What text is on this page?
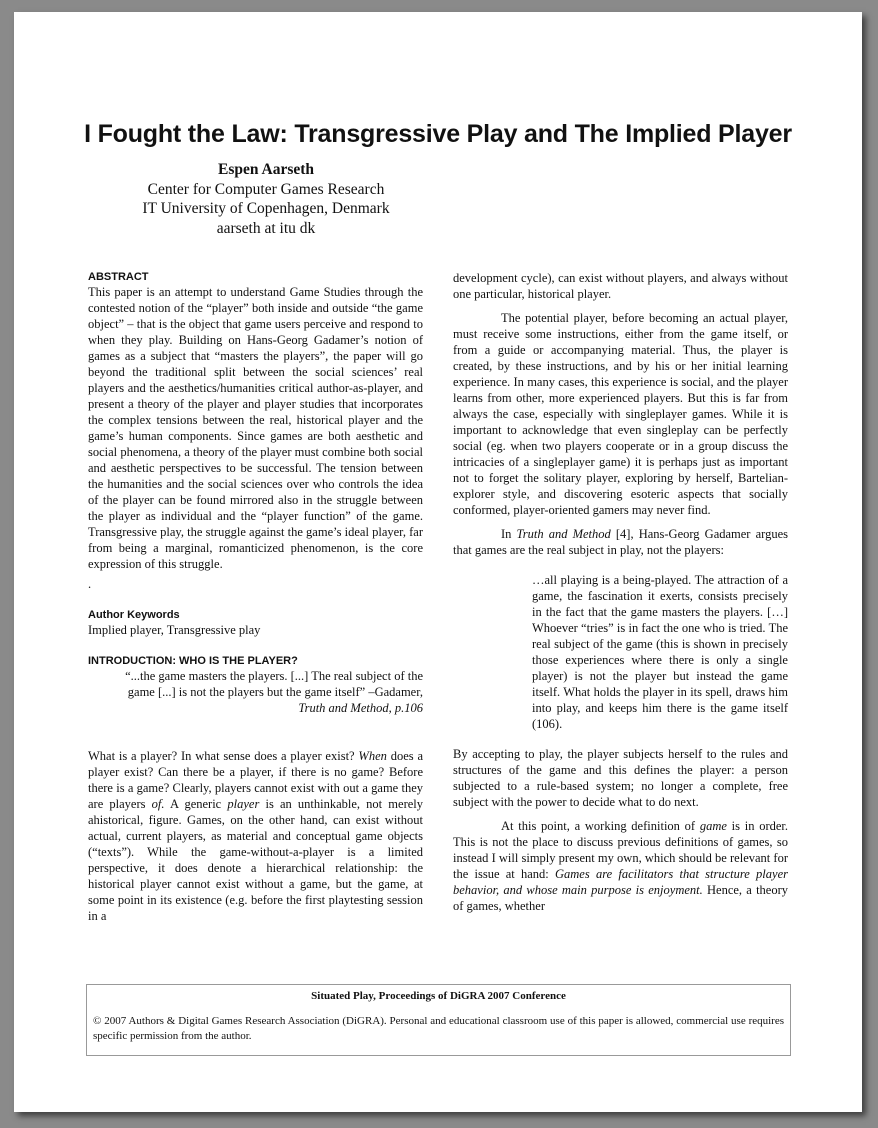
I Fought the Law: Transgressive Play and The Implied Player
Espen Aarseth
Center for Computer Games Research
IT University of Copenhagen, Denmark
aarseth at itu dk
ABSTRACT

This paper is an attempt to understand Game Studies through the contested notion of the “player” both inside and outside “the game object” – that is the object that game users perceive and respond to when they play. Building on Hans-Georg Gadamer’s notion of games as a subject that “masters the players”, the paper will go beyond the traditional split between the social sciences’ real players and the aesthetics/humanities critical author-as-player, and present a theory of the player and player studies that incorporates the complex tensions between the real, historical player and the game’s human components. Since games are both aesthetic and social phenomena, a theory of the player must combine both social and aesthetic perspectives to be successful. The tension between the humanities and the social sciences over who controls the idea of the player can be found mirrored also in the struggle between the player as individual and the “player function” of the game. Transgressive play, the struggle against the game’s ideal player, far from being a marginal, romanticized phenomenon, is the core expression of this struggle.

.

Author Keywords

Implied player, Transgressive play

INTRODUCTION: WHO IS THE PLAYER?

“...the game masters the players. [...] The real subject of the game [...] is not the players but the game itself” –Gadamer,

Truth and Method, p.106

What is a player? In what sense does a player exist? When does a player exist? Can there be a player, if there is no game? Before there is a game? Clearly, players cannot exist with out a game they are players of. A generic player is an unthinkable, not merely ahistorical, figure. Games, on the other hand, can exist without actual, current players, as material and conceptual game objects (“texts”). While the game-without-a-player is a limited perspective, it does denote a hierarchical relationship: the historical player cannot exist without a game, but the game, at some point in its existence (e.g. before the first playtesting session in a

development cycle), can exist without players, and always without one particular, historical player.

The potential player, before becoming an actual player, must receive some instructions, either from the game itself, or from a guide or accompanying material. Thus, the player is created, by these instructions, and by his or her initial learning experience. In many cases, this experience is social, and the player learns from other, more experienced players. But this is far from always the case, especially with singleplayer games. While it is important to acknowledge that even singleplay can be perfectly social (eg. when two players cooperate or in a group discuss the intricacies of a singleplayer game) it is perhaps just as important not to forget the solitary player, exploring by herself, Bartelian-explorer style, and discovering esoteric aspects that socially conformed, player-oriented gamers may never find.

In Truth and Method [4], Hans-Georg Gadamer argues that games are the real subject in play, not the players:

…all playing is a being-played. The attraction of a game, the fascination it exerts, consists precisely in the fact that the game masters the players. […] Whoever “tries” is in fact the one who is tried. The real subject of the game (this is shown in precisely those experiences where there is only a single player) is not the player but instead the game itself. What holds the player in its spell, draws him into play, and keeps him there is the game itself (106).

By accepting to play, the player subjects herself to the rules and structures of the game and this defines the player: a person subjected to a rule-based system; no longer a complete, free subject with the power to decide what to do next.

At this point, a working definition of game is in order. This is not the place to discuss previous definitions of games, so instead I will simply present my own, which should be relevant for the issue at hand: Games are facilitators that structure player behavior, and whose main purpose is enjoyment. Hence, a theory of games, whether

Situated Play, Proceedings of DiGRA 2007 Conference
© 2007 Authors & Digital Games Research Association (DiGRA). Personal and educational classroom use of this paper is allowed, commercial use requires specific permission from the author.
